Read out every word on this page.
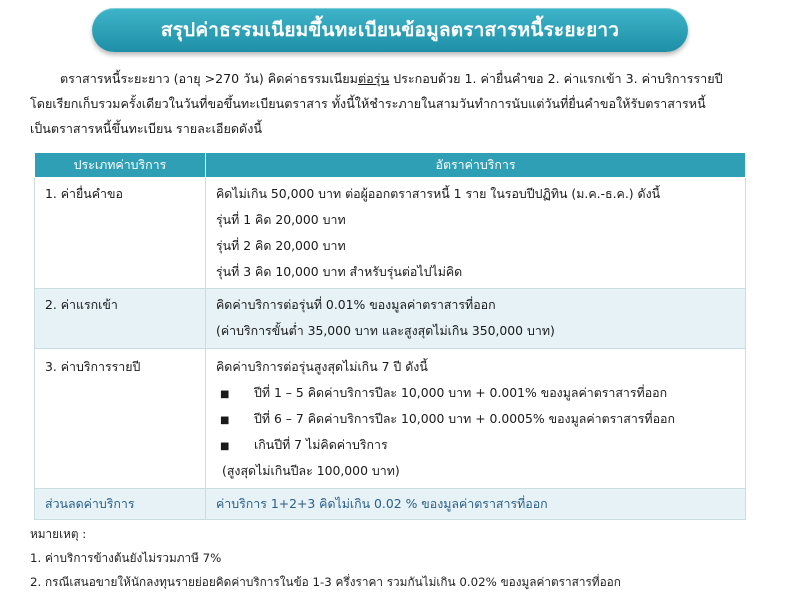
สรุปค่าธรรมเนียมขึ้นทะเบียนข้อมูลตราสารหนี้ระยะยาว
ตราสารหนี้ระยะยาว (อายุ >270 วัน) คิดค่าธรรมเนียมต่อรุ่น ประกอบด้วย 1. ค่ายื่นคำขอ 2. ค่าแรกเข้า 3. ค่าบริการรายปี
โดยเรียกเก็บรวมครั้งเดียวในวันที่ขอขึ้นทะเบียนตราสาร ทั้งนี้ให้ชำระภายในสามวันทำการนับแต่วันที่ยื่นคำขอให้รับตราสารหนี้
เป็นตราสารหนี้ขึ้นทะเบียน รายละเอียดดังนี้
ประเภทค่าบริการ	อัตราค่าบริการ

1. ค่ายื่นคำขอ	คิดไม่เกิน 50,000 บาท ต่อผู้ออกตราสารหนี้ 1 ราย ในรอบปีปฏิทิน (ม.ค.-ธ.ค.) ดังนี้
รุ่นที่ 1 คิด 20,000 บาท
รุ่นที่ 2 คิด 20,000 บาท
รุ่นที่ 3 คิด 10,000 บาท สำหรับรุ่นต่อไปไม่คิด

2. ค่าแรกเข้า	คิดค่าบริการต่อรุ่นที่ 0.01% ของมูลค่าตราสารที่ออก
(ค่าบริการขั้นต่ำ 35,000 บาท และสูงสุดไม่เกิน 350,000 บาท)

3. ค่าบริการรายปี	คิดค่าบริการต่อรุ่นสูงสุดไม่เกิน 7 ปี ดังนี้
■ ปีที่ 1 – 5 คิดค่าบริการปีละ 10,000 บาท + 0.001% ของมูลค่าตราสารที่ออก
■ ปีที่ 6 – 7 คิดค่าบริการปีละ 10,000 บาท + 0.0005% ของมูลค่าตราสารที่ออก
■ เกินปีที่ 7 ไม่คิดค่าบริการ
(สูงสุดไม่เกินปีละ 100,000 บาท)

ส่วนลดค่าบริการ	ค่าบริการ 1+2+3 คิดไม่เกิน 0.02 % ของมูลค่าตราสารที่ออก
หมายเหตุ :
1. ค่าบริการข้างต้นยังไม่รวมภาษี 7%
2. กรณีเสนอขายให้นักลงทุนรายย่อยคิดค่าบริการในข้อ 1-3 ครึ่งราคา รวมกันไม่เกิน 0.02% ของมูลค่าตราสารที่ออก
